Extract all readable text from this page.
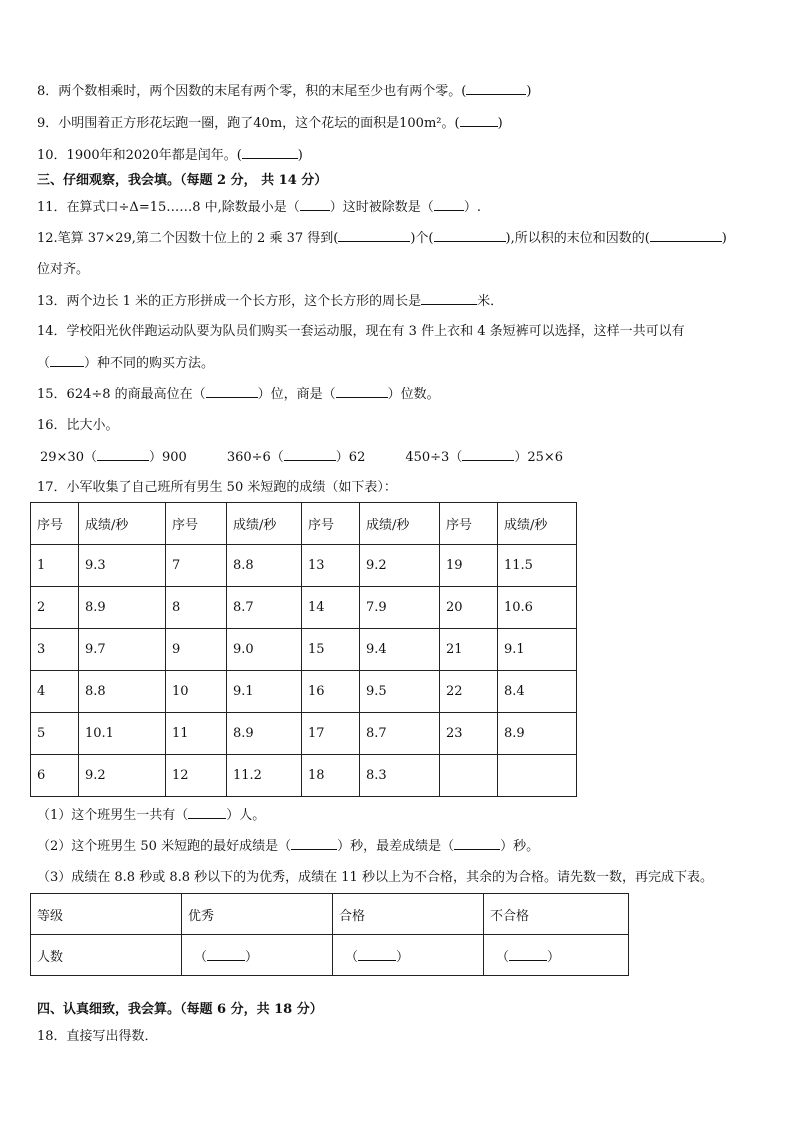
8．两个数相乘时，两个因数的末尾有两个零，积的末尾至少也有两个零。(	)
9．小明围着正方形花坛跑一圈，跑了40m，这个花坛的面积是100m²。(	)
10．1900年和2020年都是闰年。(	)
三、仔细观察，我会填。（每题 2 分， 共 14 分）
11．在算式口÷Δ=15……8 中,除数最小是（ ）这时被除数是（ ）.
12.笔算 37×29,第二个因数十位上的 2 乘 37 得到(	)个(	),所以积的末位和因数的(	)
位对齐。
13．两个边长 1 米的正方形拼成一个长方形，这个长方形的周长是	米．
14．学校阳光伙伴跑运动队要为队员们购买一套运动服，现在有 3 件上衣和 4 条短裤可以选择，这样一共可以有
（	）种不同的购买方法。
15．624÷8 的商最高位在（	）位，商是（	）位数。
16．比大小。
29×30（	）900	360÷6（	）62	450÷3（	）25×6
17．小军收集了自己班所有男生 50 米短跑的成绩（如下表）：
序号	成绩/秒	序号	成绩/秒	序号	成绩/秒	序号	成绩/秒
1	9.3	7	8.8	13	9.2	19	11.5
2	8.9	8	8.7	14	7.9	20	10.6
3	9.7	9	9.0	15	9.4	21	9.1
4	8.8	10	9.1	16	9.5	22	8.4
5	10.1	11	8.9	17	8.7	23	8.9
6	9.2	12	11.2	18	8.3		
（1）这个班男生一共有（	）人。
（2）这个班男生 50 米短跑的最好成绩是（	）秒，最差成绩是（	）秒。
（3）成绩在 8.8 秒或 8.8 秒以下的为优秀，成绩在 11 秒以上为不合格，其余的为合格。请先数一数，再完成下表。
等级	优秀	合格	不合格
人数	（ ）	（ ）	（ ）
四、认真细致，我会算。（每题 6 分，共 18 分）
18．直接写出得数．
